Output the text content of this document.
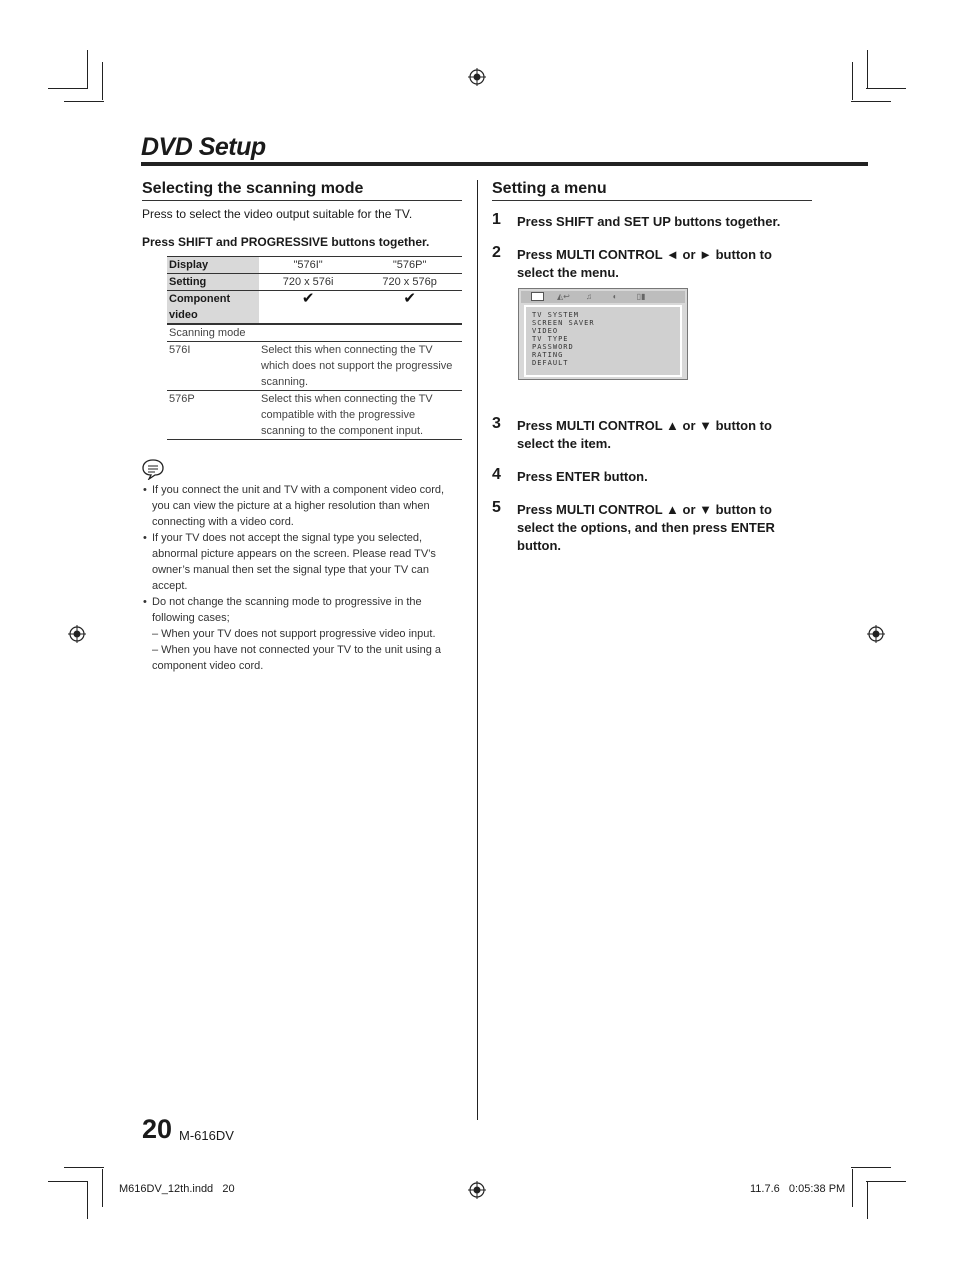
DVD Setup
Selecting the scanning mode
Press to select the video output suitable for the TV.
Press SHIFT and PROGRESSIVE buttons together.
Display	"576I"	"576P"
Setting	720 x 576i	720 x 576p
Component video	✔	✔
Scanning mode	
576I	Select this when connecting the TV which does not support the progressive scanning.
576P	Select this when connecting the TV compatible with the progressive scanning to the component input.
• If you connect the unit and TV with a component video cord, you can view the picture at a higher resolution than when connecting with a video cord.
• If your TV does not accept the signal type you selected, abnormal picture appears on the screen. Please read TV’s owner’s manual then set the signal type that your TV can accept.
• Do not change the scanning mode to progressive in the following cases;
– When your TV does not support progressive video input.
– When you have not connected your TV to the unit using a component video cord.
Setting a menu
1 Press SHIFT and SET UP buttons together.
2 Press MULTI CONTROL ◄ or ► button to select the menu.
◭↩	♫	◐	▯▮
TV SYSTEM
SCREEN SAVER
VIDEO
TV TYPE
PASSWORD
RATING
DEFAULT
3 Press MULTI CONTROL ▲ or ▼ button to select the item.
4 Press ENTER button.
5 Press MULTI CONTROL ▲ or ▼ button to select the options, and then press ENTER button.
20 M-616DV
M616DV_12th.indd   20	11.7.6   0:05:38 PM
